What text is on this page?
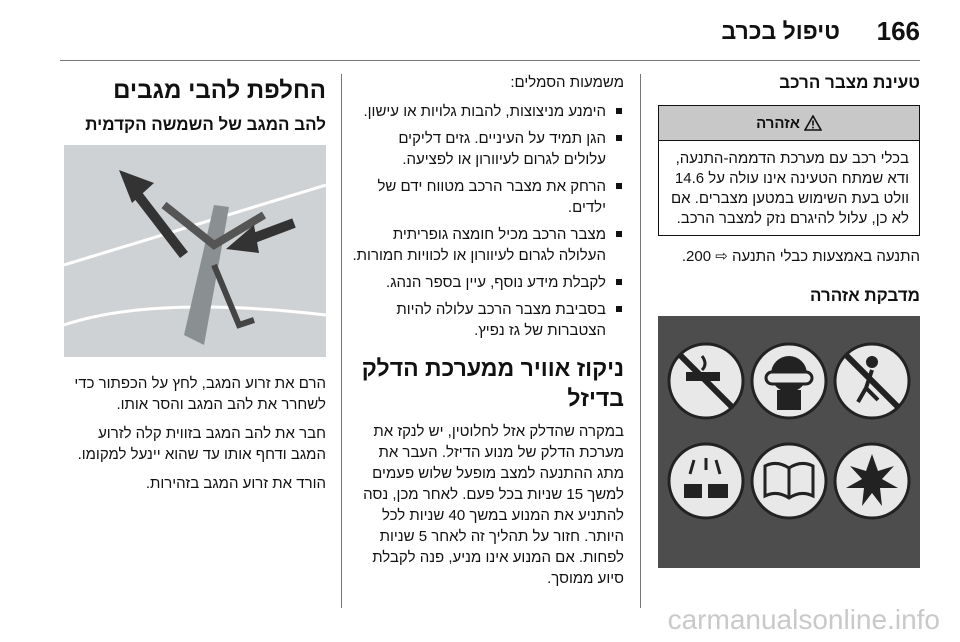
166
טיפול בכרב
טעינת מצבר הרכב
אזהרה
בכלי רכב עם מערכת הדממה-התנעה, ודא שמתח הטעינה אינו עולה על 14.6 וולט בעת השימוש במטען מצברים. אם לא כן, עלול להיגרם נזק למצבר הרכב.
התנעה באמצעות כבלי התנעה ⇨ 200.
מדבקת אזהרה
משמעות הסמלים:
הימנע מניצוצות, להבות גלויות או עישון.
הגן תמיד על העיניים. גזים דליקים עלולים לגרום לעיוורון או לפציעה.
הרחק את מצבר הרכב מטווח ידם של ילדים.
מצבר הרכב מכיל חומצה גופריתית העלולה לגרום לעיוורון או לכוויות חמורות.
לקבלת מידע נוסף, עיין בספר הנהג.
בסביבת מצבר הרכב עלולה להיות הצטברות של גז נפיץ.
ניקוז אוויר ממערכת הדלק בדיזל
במקרה שהדלק אזל לחלוטין, יש לנקז את מערכת הדלק של מנוע הדיזל. העבר את מתג ההתנעה למצב מופעל שלוש פעמים למשך 15 שניות בכל פעם. לאחר מכן, נסה להתניע את המנוע במשך 40 שניות לכל היותר. חזור על תהליך זה לאחר 5 שניות לפחות. אם המנוע אינו מניע, פנה לקבלת סיוע ממוסך.
החלפת להבי מגבים
להב המגב של השמשה הקדמית
הרם את זרוע המגב, לחץ על הכפתור כדי לשחרר את להב המגב והסר אותו.
חבר את להב המגב בזווית קלה לזרוע המגב ודחף אותו עד שהוא יינעל למקומו.
הורד את זרוע המגב בזהירות.
carmanualsonline.info
